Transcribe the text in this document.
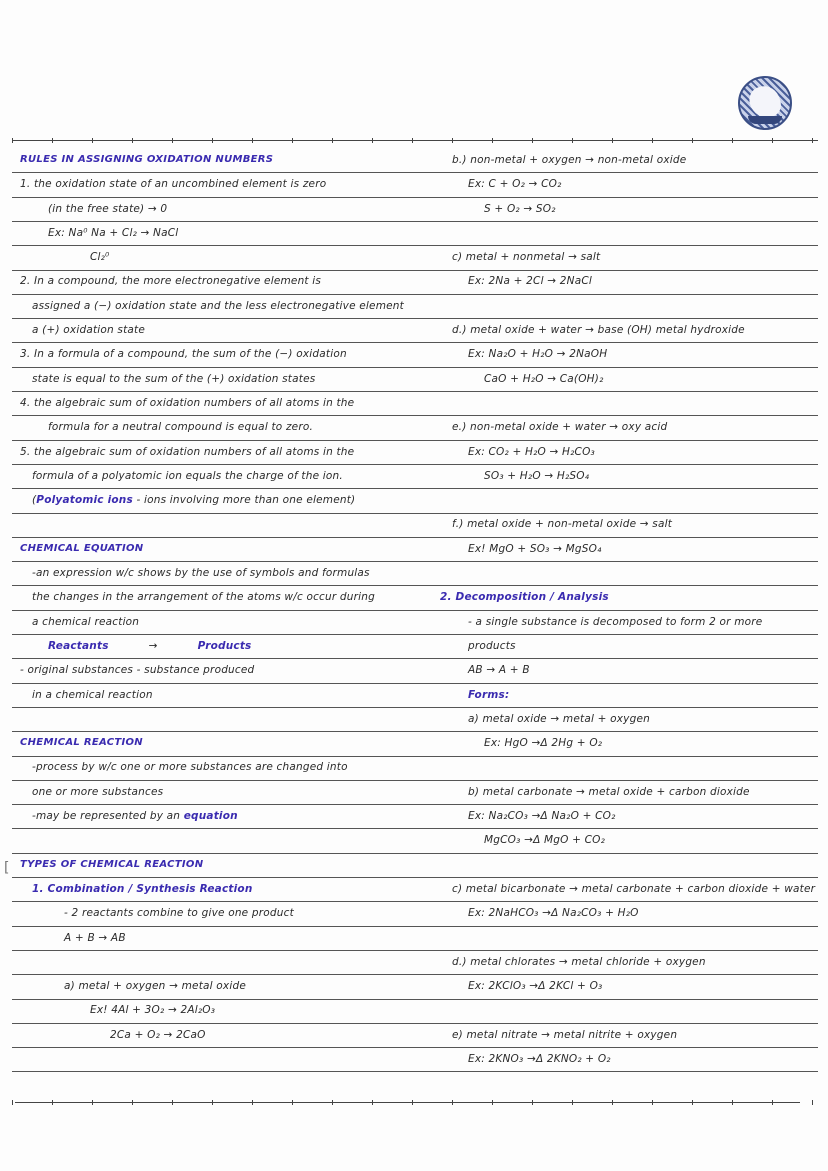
[
RULES IN ASSIGNING OXIDATION NUMBERS
1. the oxidation state of an uncombined element is zero
(in the free state) → 0
Ex: Na⁰ Na + Cl₂ → NaCl
Cl₂⁰
2. In a compound, the more electronegative element is
assigned a (−) oxidation state and the less electronegative element
a (+) oxidation state
3. In a formula of a compound, the sum of the (−) oxidation
state is equal to the sum of the (+) oxidation states
4. the algebraic sum of oxidation numbers of all atoms in the
formula for a neutral compound is equal to zero.
5. the algebraic sum of oxidation numbers of all atoms in the
formula of a polyatomic ion equals the charge of the ion.
(Polyatomic ions - ions involving more than one element)
CHEMICAL EQUATION
-an expression w/c shows by the use of symbols and formulas
the changes in the arrangement of the atoms w/c occur during
a chemical reaction
Reactants	→	Products
- original substances - substance produced
in a chemical reaction
CHEMICAL REACTION
-process by w/c one or more substances are changed into
one or more substances
-may be represented by an equation
TYPES OF CHEMICAL REACTION
1. Combination / Synthesis Reaction
- 2 reactants combine to give one product
A + B → AB
a) metal + oxygen → metal oxide
Ex! 4Al + 3O₂ → 2Al₂O₃
2Ca + O₂ → 2CaO
b.) non-metal + oxygen → non-metal oxide
Ex: C + O₂ → CO₂
S + O₂ → SO₂
c) metal + nonmetal → salt
Ex: 2Na + 2Cl → 2NaCl
d.) metal oxide + water → base (OH) metal hydroxide
Ex: Na₂O + H₂O → 2NaOH
CaO + H₂O → Ca(OH)₂
e.) non-metal oxide + water → oxy acid
Ex: CO₂ + H₂O → H₂CO₃
SO₃ + H₂O → H₂SO₄
f.) metal oxide + non-metal oxide → salt
Ex! MgO + SO₃ → MgSO₄
2. Decomposition / Analysis
- a single substance is decomposed to form 2 or more
products
AB → A + B
Forms:
a) metal oxide → metal + oxygen
Ex: HgO →Δ 2Hg + O₂
b) metal carbonate → metal oxide + carbon dioxide
Ex: Na₂CO₃ →Δ Na₂O + CO₂
MgCO₃ →Δ MgO + CO₂
c) metal bicarbonate → metal carbonate + carbon dioxide + water
Ex: 2NaHCO₃ →Δ Na₂CO₃ + H₂O
d.) metal chlorates → metal chloride + oxygen
Ex: 2KClO₃ →Δ 2KCl + O₃
e) metal nitrate → metal nitrite + oxygen
Ex: 2KNO₃ →Δ 2KNO₂ + O₂
